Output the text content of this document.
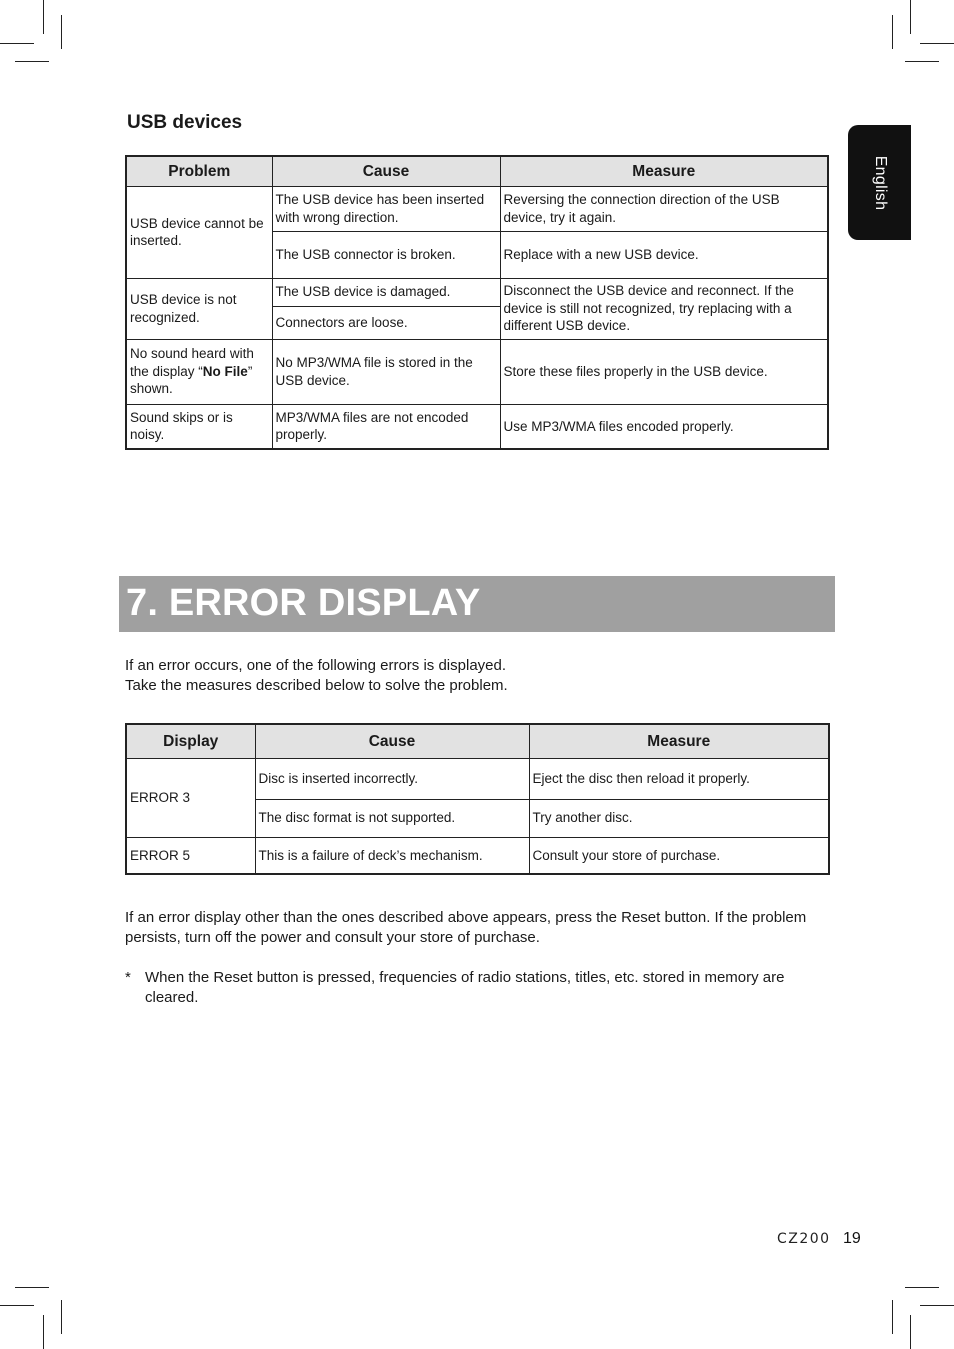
English
USB devices
Problem	Cause	Measure
USB device cannot be inserted.	The USB device has been inserted with wrong direction.	Reversing the connection direction of the USB device, try it again.
	The USB connector is broken.	Replace with a new USB device.
USB device is not recognized.	The USB device is damaged.	Disconnect the USB device and reconnect. If the device is still not recognized, try replacing with a different USB device.
	Connectors are loose.	
No sound heard with the display “No File” shown.	No MP3/WMA file is stored in the USB device.	Store these files properly in the USB device.
Sound skips or is noisy.	MP3/WMA files are not encoded properly.	Use MP3/WMA files encoded properly.
7. ERROR DISPLAY

If an error occurs, one of the following errors is displayed.

Take the measures described below to solve the problem.

Display	Cause	Measure
ERROR 3	Disc is inserted incorrectly.	Eject the disc then reload it properly.
	The disc format is not supported.	Try another disc.
ERROR 5	This is a failure of deck’s mechanism.	Consult your store of purchase.

If an error display other than the ones described above appears, press the Reset button. If the problem persists, turn off the power and consult your store of purchase.

* When the Reset button is pressed, frequencies of radio stations, titles, etc. stored in memory are cleared.

CZ200 19
